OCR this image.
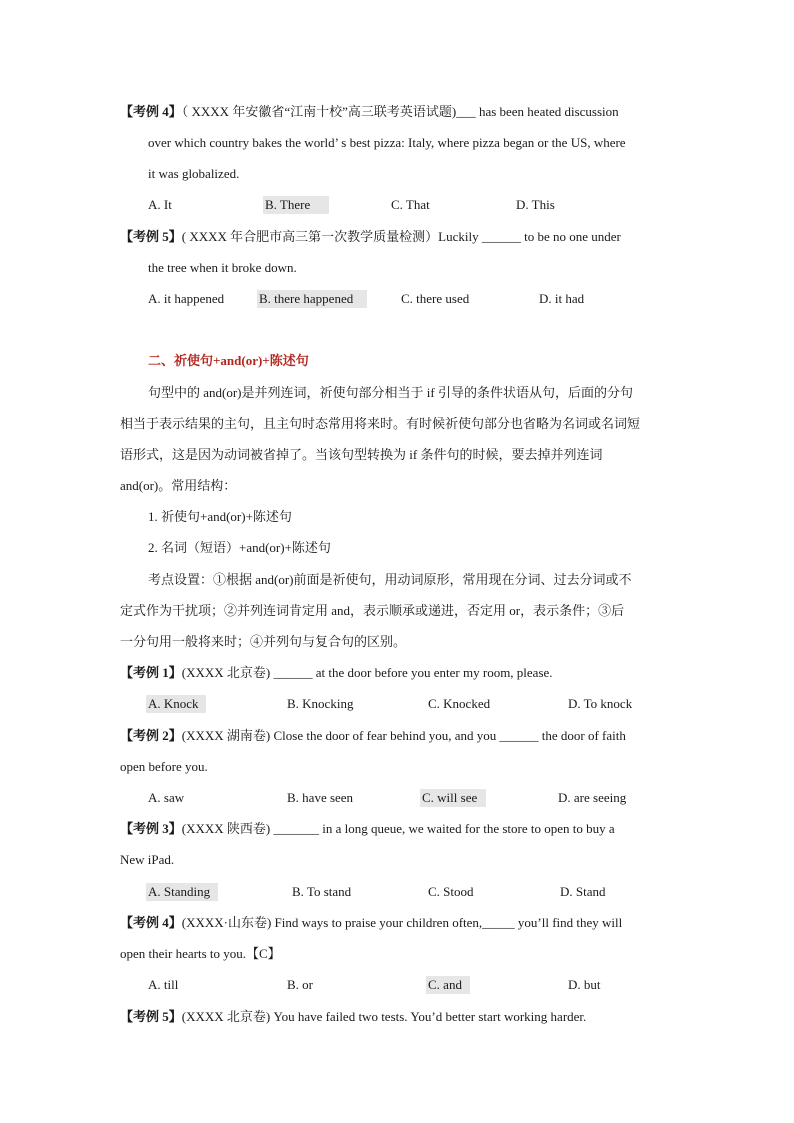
【考例 4】（ XXXX 年安徽省“江南十校”高三联考英语试题)___ has been heated discussion
over which country bakes the world’ s best pizza: Italy, where pizza began or the US, where
it was globalized.
A. It	B. There	C. That	D. This
【考例 5】( XXXX 年合肥市高三第一次教学质量检测）Luckily ______ to be no one under
the tree when it broke down.
A. it happened	B. there happened	C. there used	D. it had
二、祈使句+and(or)+陈述句
句型中的 and(or)是并列连词，祈使句部分相当于 if 引导的条件状语从句，后面的分句
相当于表示结果的主句，且主句时态常用将来时。有时候祈使句部分也省略为名词或名词短
语形式，这是因为动词被省掉了。当该句型转换为 if 条件句的时候，要去掉并列连词
and(or)。常用结构：
1. 祈使句+and(or)+陈述句
2. 名词（短语）+and(or)+陈述句
考点设置：①根据 and(or)前面是祈使句，用动词原形，常用现在分词、过去分词或不
定式作为干扰项；②并列连词肯定用 and，表示顺承或递进，否定用 or，表示条件；③后
一分句用一般将来时；④并列句与复合句的区别。
【考例 1】(XXXX 北京卷) ______ at the door before you enter my room, please.
A. Knock	B. Knocking	C. Knocked	D. To knock
【考例 2】(XXXX 湖南卷) Close the door of fear behind you, and you ______ the door of faith
open before you.
A. saw	B. have seen	C. will see	D. are seeing
【考例 3】(XXXX 陕西卷) _______ in a long queue, we waited for the store to open to buy a
New iPad.
A. Standing	B. To stand	C. Stood	D. Stand
【考例 4】(XXXX·山东卷) Find ways to praise your children often,_____ you’ll find they will
open their hearts to you.【C】
A. till	B. or	C. and	D. but
【考例 5】(XXXX 北京卷) You have failed two tests. You’d better start working harder.
